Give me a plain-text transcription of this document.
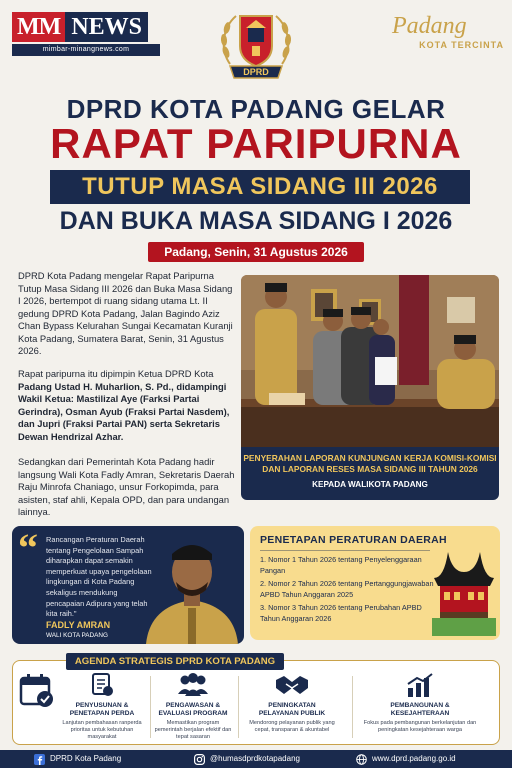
MM NEWS
mimbar-minangnews.com
DPRD
Padang
KOTA TERCINTA
DPRD KOTA PADANG GELAR
RAPAT PARIPURNA
TUTUP MASA SIDANG III 2026
DAN BUKA MASA SIDANG I 2026
Padang, Senin, 31 Agustus 2026
DPRD Kota Padang mengelar Rapat Paripurna Tutup Masa Sidang III 2026 dan Buka Masa Sidang I 2026, bertempot di ruang sidang utama Lt. II gedung DPRD Kota Padang, Jalan Bagindo Aziz Chan Bypass Kelurahan Sungai Kecamatan Kuranji Kota Padang, Sumatera Barat, Senin, 31 Agustus 2026.
Rapat paripurna itu dipimpin Ketua DPRD Kota Padang Ustad H. Muharlion, S. Pd., didampingi Wakil Ketua: Mastilizal Aye (Farksi Partai Gerindra), Osman Ayub (Fraksi Partai Nasdem), dan Jupri (Fraksi Partai PAN) serta Sekretaris Dewan Hendrizal Azhar.
Sedangkan dari Pemerintah Kota Padang hadir langsung Wali Kota Fadly Amran, Sekretaris Daerah Raju Minrofa Chaniago, unsur Forkopimda, para asisten, staf ahli, Kepala OPD, dan para undangan lainnya.
PENYERAHAN LAPORAN KUNJUNGAN KERJA KOMISI-KOMISI
DAN LAPORAN RESES MASA SIDANG III TAHUN 2026
KEPADA WALIKOTA PADANG
“ Rancangan Peraturan Daerah tentang Pengelolaan Sampah diharapkan dapat semakin memperkuat upaya pengelolaan lingkungan di Kota Padang sekaligus mendukung pencapaian Adipura yang telah kita raih."
FADLY AMRAN
WALI KOTA PADANG
PENETAPAN PERATURAN DAERAH
1. Nomor 1 Tahun 2026 tentang Penyelenggaraan Pangan
2. Nomor 2 Tahun 2026 tentang Pertanggungjawaban APBD Tahun Anggaran 2025
3. Nomor 3 Tahun 2026 tentang Perubahan APBD Tahun Anggaran 2026
AGENDA STRATEGIS DPRD KOTA PADANG
PENYUSUNAN &
PENETAPAN PERDA
Lanjutan pembahasan ranperda prioritas untuk kebutuhan masyarakat
PENGAWASAN &
EVALUASI PROGRAM
Memastikan program pemerintah berjalan efektif dan tepat sasaran
PENINGKATAN
PELAYANAN PUBLIK
Mendorong pelayanan publik yang cepat, transparan & akuntabel
PEMBANGUNAN &
KESEJAHTERAAN
Fokus pada pembangunan berkelanjutan dan peningkatan kesejahteraan warga
DPRD Kota Padang	@humasdprdkotapadang	www.dprd.padang.go.id
